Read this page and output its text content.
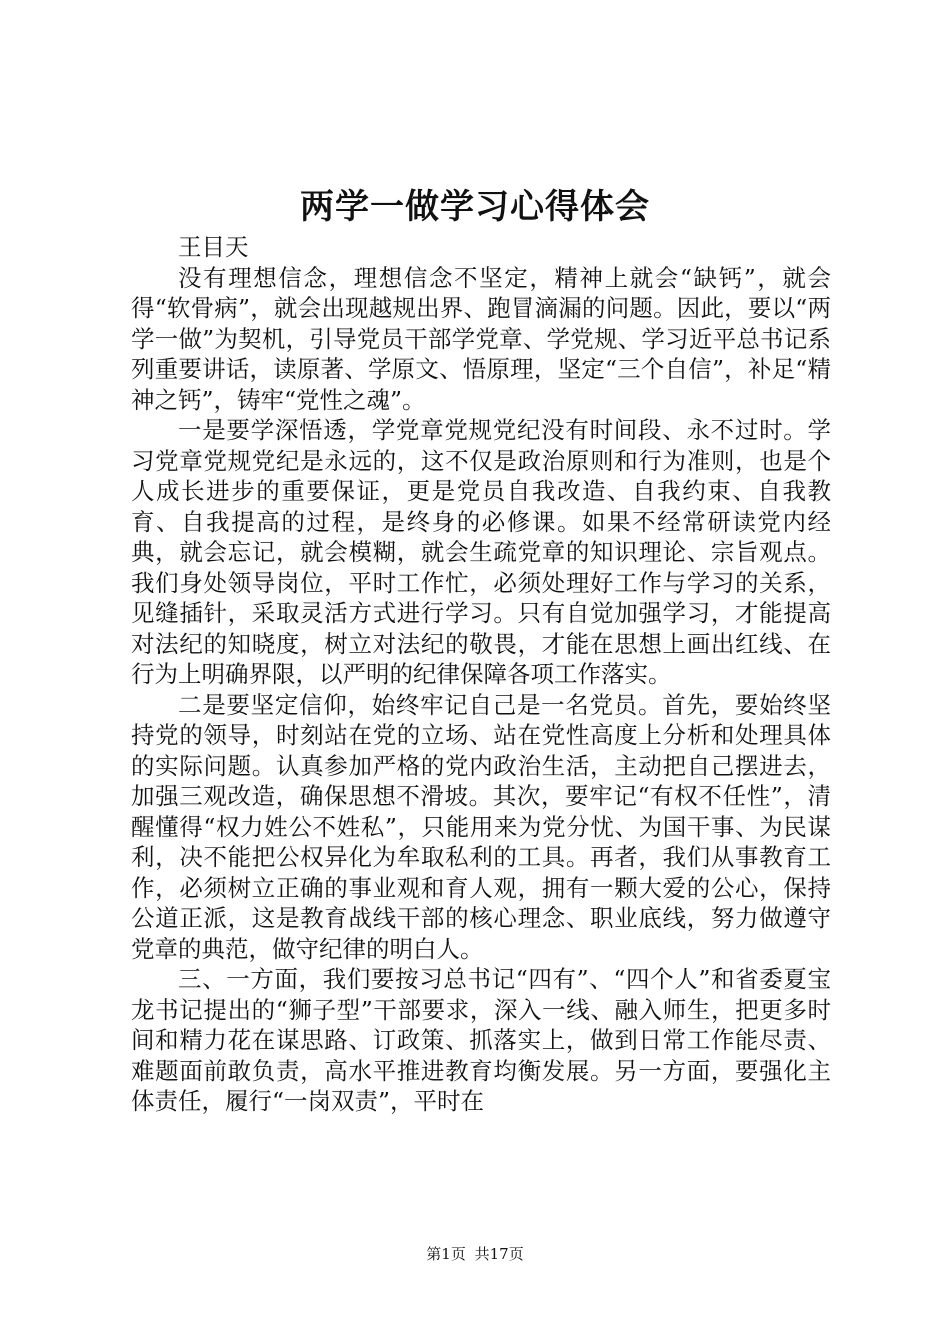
两学一做学习心得体会

王目天

没有理想信念，理想信念不坚定，精神上就会“缺钙”，就会得“软骨病”，就会出现越规出界、跑冒滴漏的问题。因此，要以“两学一做”为契机，引导党员干部学党章、学党规、学习近平总书记系列重要讲话，读原著、学原文、悟原理，坚定“三个自信”，补足“精神之钙”，铸牢“党性之魂”。

一是要学深悟透，学党章党规党纪没有时间段、永不过时。学习党章党规党纪是永远的，这不仅是政治原则和行为准则，也是个人成长进步的重要保证，更是党员自我改造、自我约束、自我教育、自我提高的过程，是终身的必修课。如果不经常研读党内经典，就会忘记，就会模糊，就会生疏党章的知识理论、宗旨观点。我们身处领导岗位，平时工作忙，必须处理好工作与学习的关系，见缝插针，采取灵活方式进行学习。只有自觉加强学习，才能提高对法纪的知晓度，树立对法纪的敬畏，才能在思想上画出红线、在行为上明确界限，以严明的纪律保障各项工作落实。

二是要坚定信仰，始终牢记自己是一名党员。首先，要始终坚持党的领导，时刻站在党的立场、站在党性高度上分析和处理具体的实际问题。认真参加严格的党内政治生活，主动把自己摆进去，加强三观改造，确保思想不滑坡。其次，要牢记“有权不任性”，清醒懂得“权力姓公不姓私”，只能用来为党分忧、为国干事、为民谋利，决不能把公权异化为牟取私利的工具。再者，我们从事教育工作，必须树立正确的事业观和育人观，拥有一颗大爱的公心，保持公道正派，这是教育战线干部的核心理念、职业底线，努力做遵守党章的典范，做守纪律的明白人。

三、一方面，我们要按习总书记“四有”、“四个人”和省委夏宝龙书记提出的“狮子型”干部要求，深入一线、融入师生，把更多时间和精力花在谋思路、订政策、抓落实上，做到日常工作能尽责、难题面前敢负责，高水平推进教育均衡发展。另一方面，要强化主体责任，履行“一岗双责”，平时在

第1页 共17页
